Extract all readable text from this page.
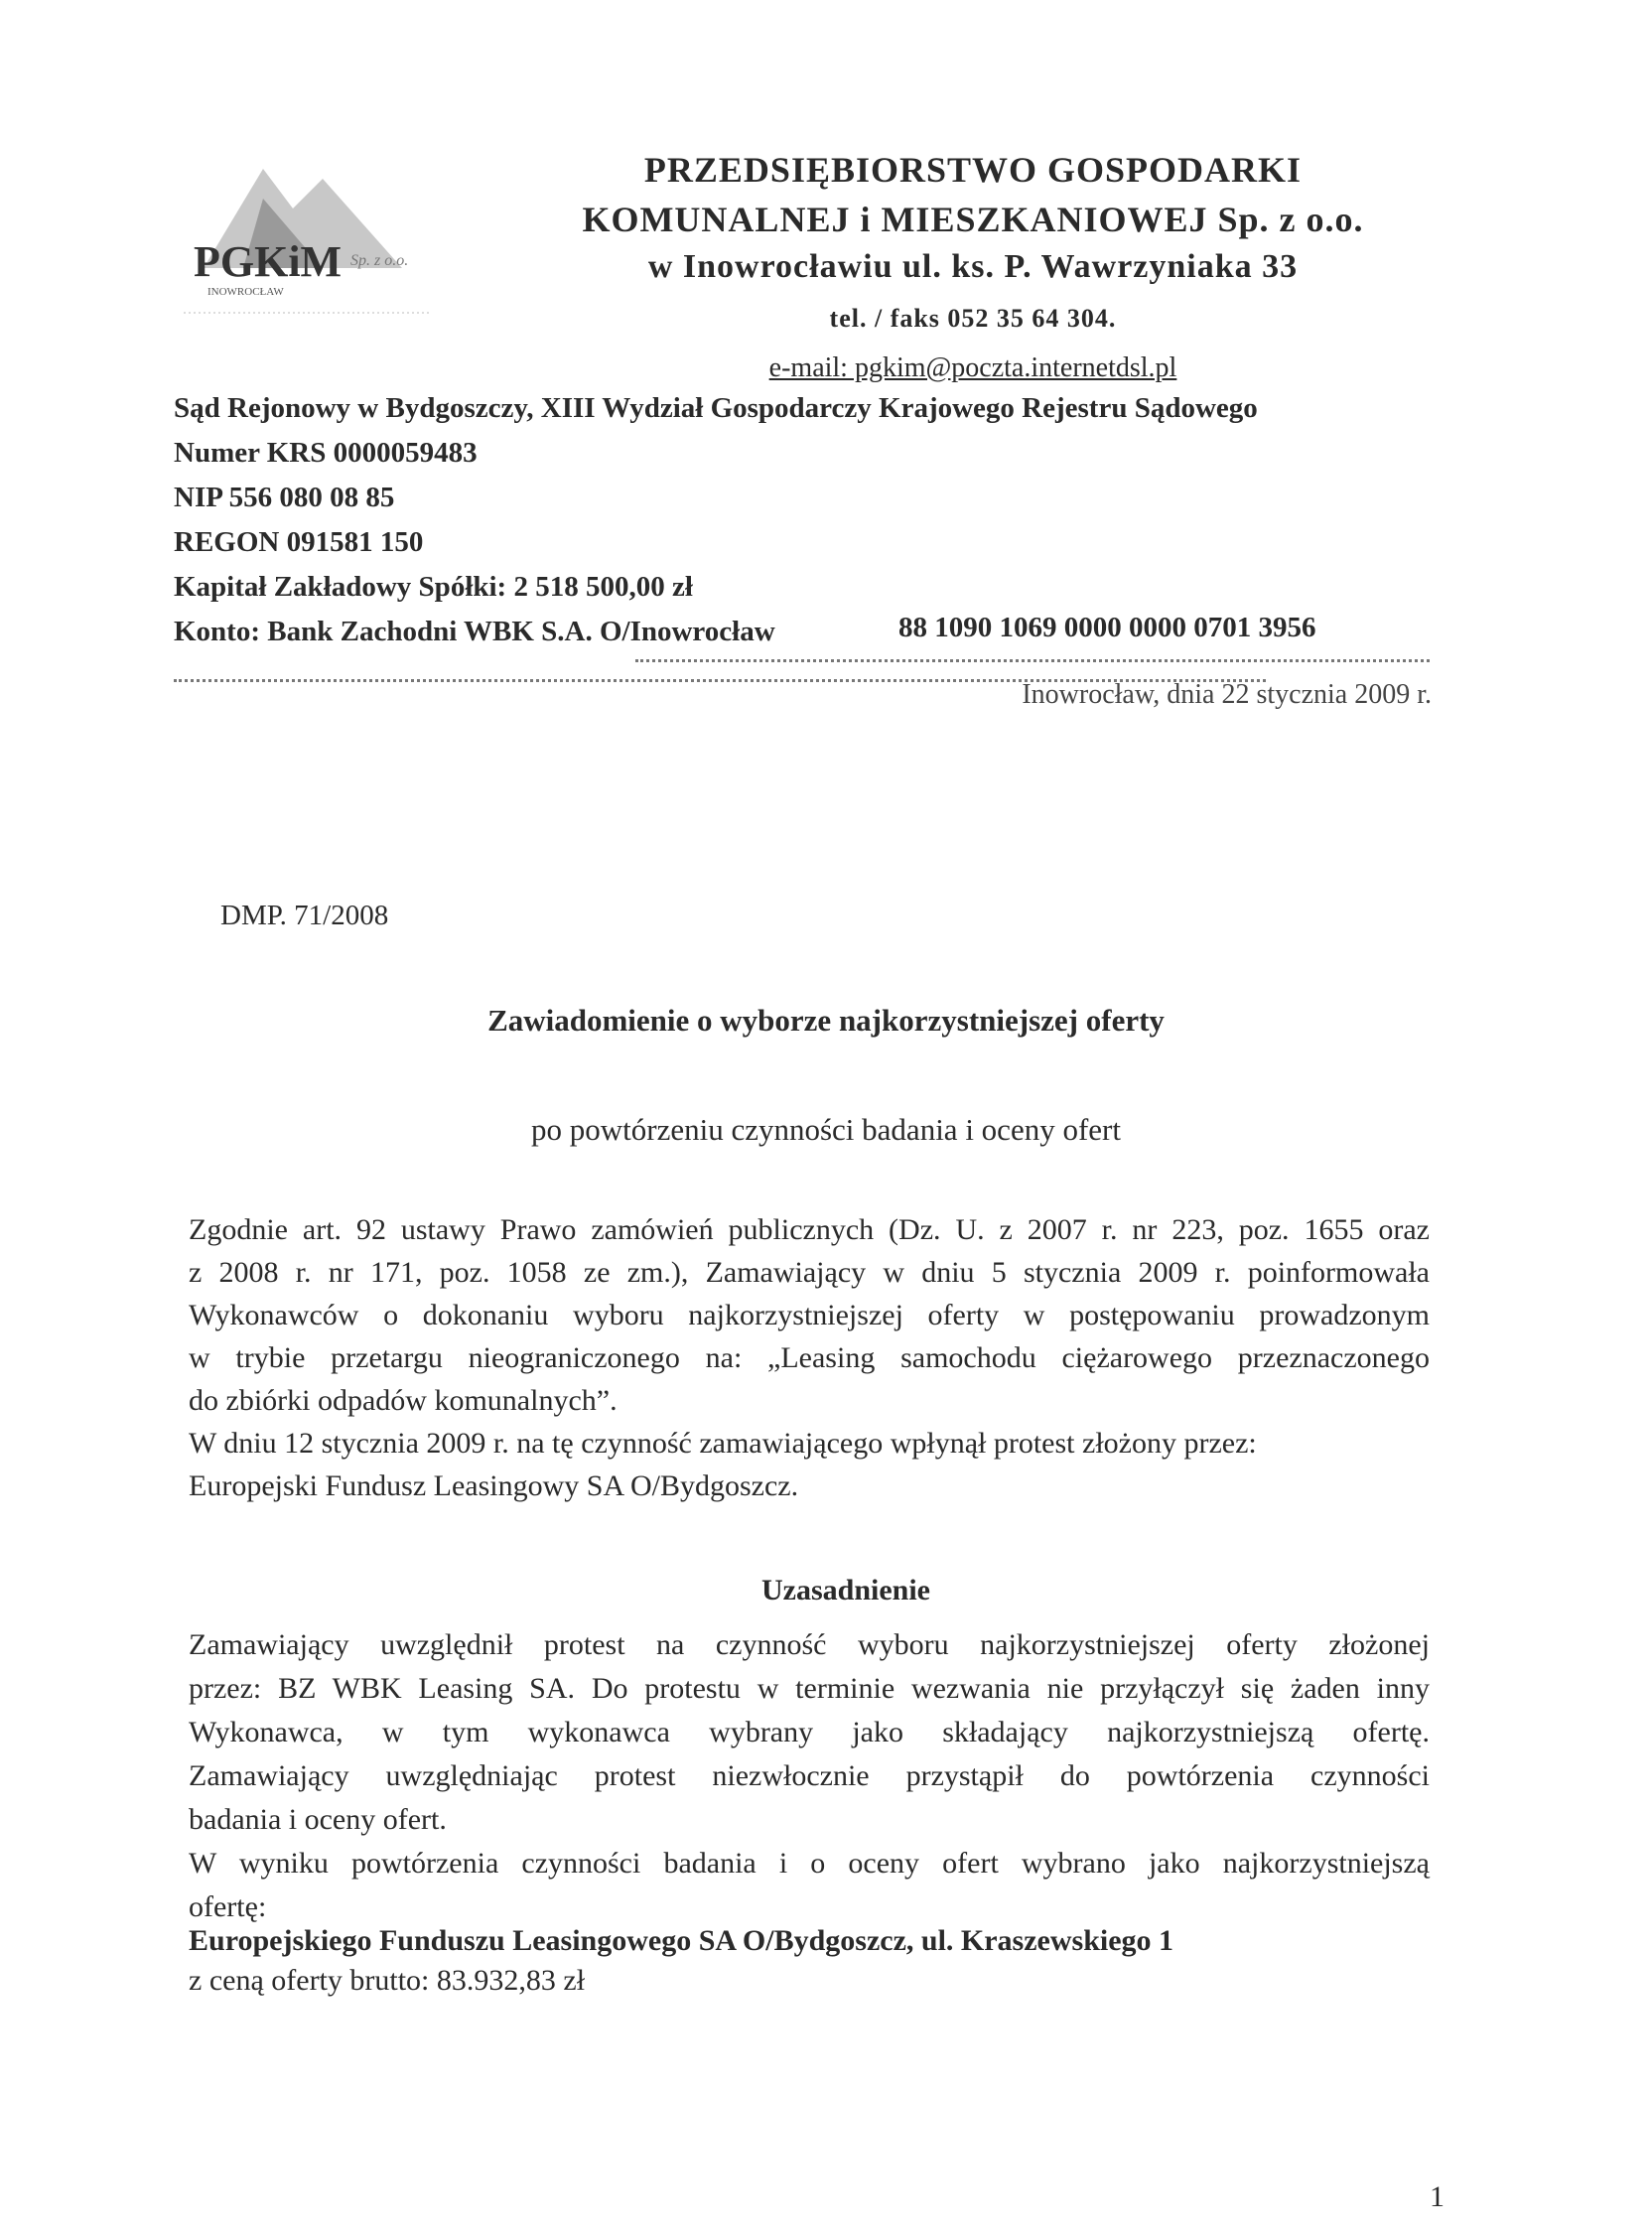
PGKiM Sp. z o.o.
INOWROCŁAW
PRZEDSIĘBIORSTWO GOSPODARKI
KOMUNALNEJ i MIESZKANIOWEJ Sp. z o.o.
w Inowrocławiu ul. ks. P. Wawrzyniaka 33
tel. / faks 052 35 64 304.
e-mail: pgkim@poczta.internetdsl.pl
Sąd Rejonowy w Bydgoszczy, XIII Wydział Gospodarczy Krajowego Rejestru Sądowego
Numer KRS 0000059483
NIP 556 080 08 85
REGON 091581 150
Kapitał Zakładowy Spółki: 2 518 500,00 zł
Konto: Bank Zachodni WBK S.A. O/Inowrocław	88 1090 1069 0000 0000 0701 3956
Inowrocław, dnia 22 stycznia 2009 r.
DMP. 71/2008
Zawiadomienie o wyborze najkorzystniejszej oferty
po powtórzeniu czynności badania i oceny ofert
Zgodnie art. 92 ustawy Prawo zamówień publicznych (Dz. U. z 2007 r. nr 223, poz. 1655 oraz
z 2008 r. nr 171, poz. 1058 ze zm.), Zamawiający w dniu 5 stycznia 2009 r. poinformowała
Wykonawców o dokonaniu wyboru najkorzystniejszej oferty w postępowaniu prowadzonym
w trybie przetargu nieograniczonego na: „Leasing samochodu ciężarowego przeznaczonego
do zbiórki odpadów komunalnych”.
W dniu 12 stycznia 2009 r. na tę czynność zamawiającego wpłynął protest złożony przez:
Europejski Fundusz Leasingowy SA O/Bydgoszcz.
Uzasadnienie
Zamawiający uwzględnił protest na czynność wyboru najkorzystniejszej oferty złożonej
przez: BZ WBK Leasing SA. Do protestu w terminie wezwania nie przyłączył się żaden inny
Wykonawca, w tym wykonawca wybrany jako składający najkorzystniejszą ofertę.
Zamawiający uwzględniając protest niezwłocznie przystąpił do powtórzenia czynności
badania i oceny ofert.
W wyniku powtórzenia czynności badania i o oceny ofert wybrano jako najkorzystniejszą
ofertę:
Europejskiego Funduszu Leasingowego SA O/Bydgoszcz, ul. Kraszewskiego 1
z ceną oferty brutto: 83.932,83 zł
1
